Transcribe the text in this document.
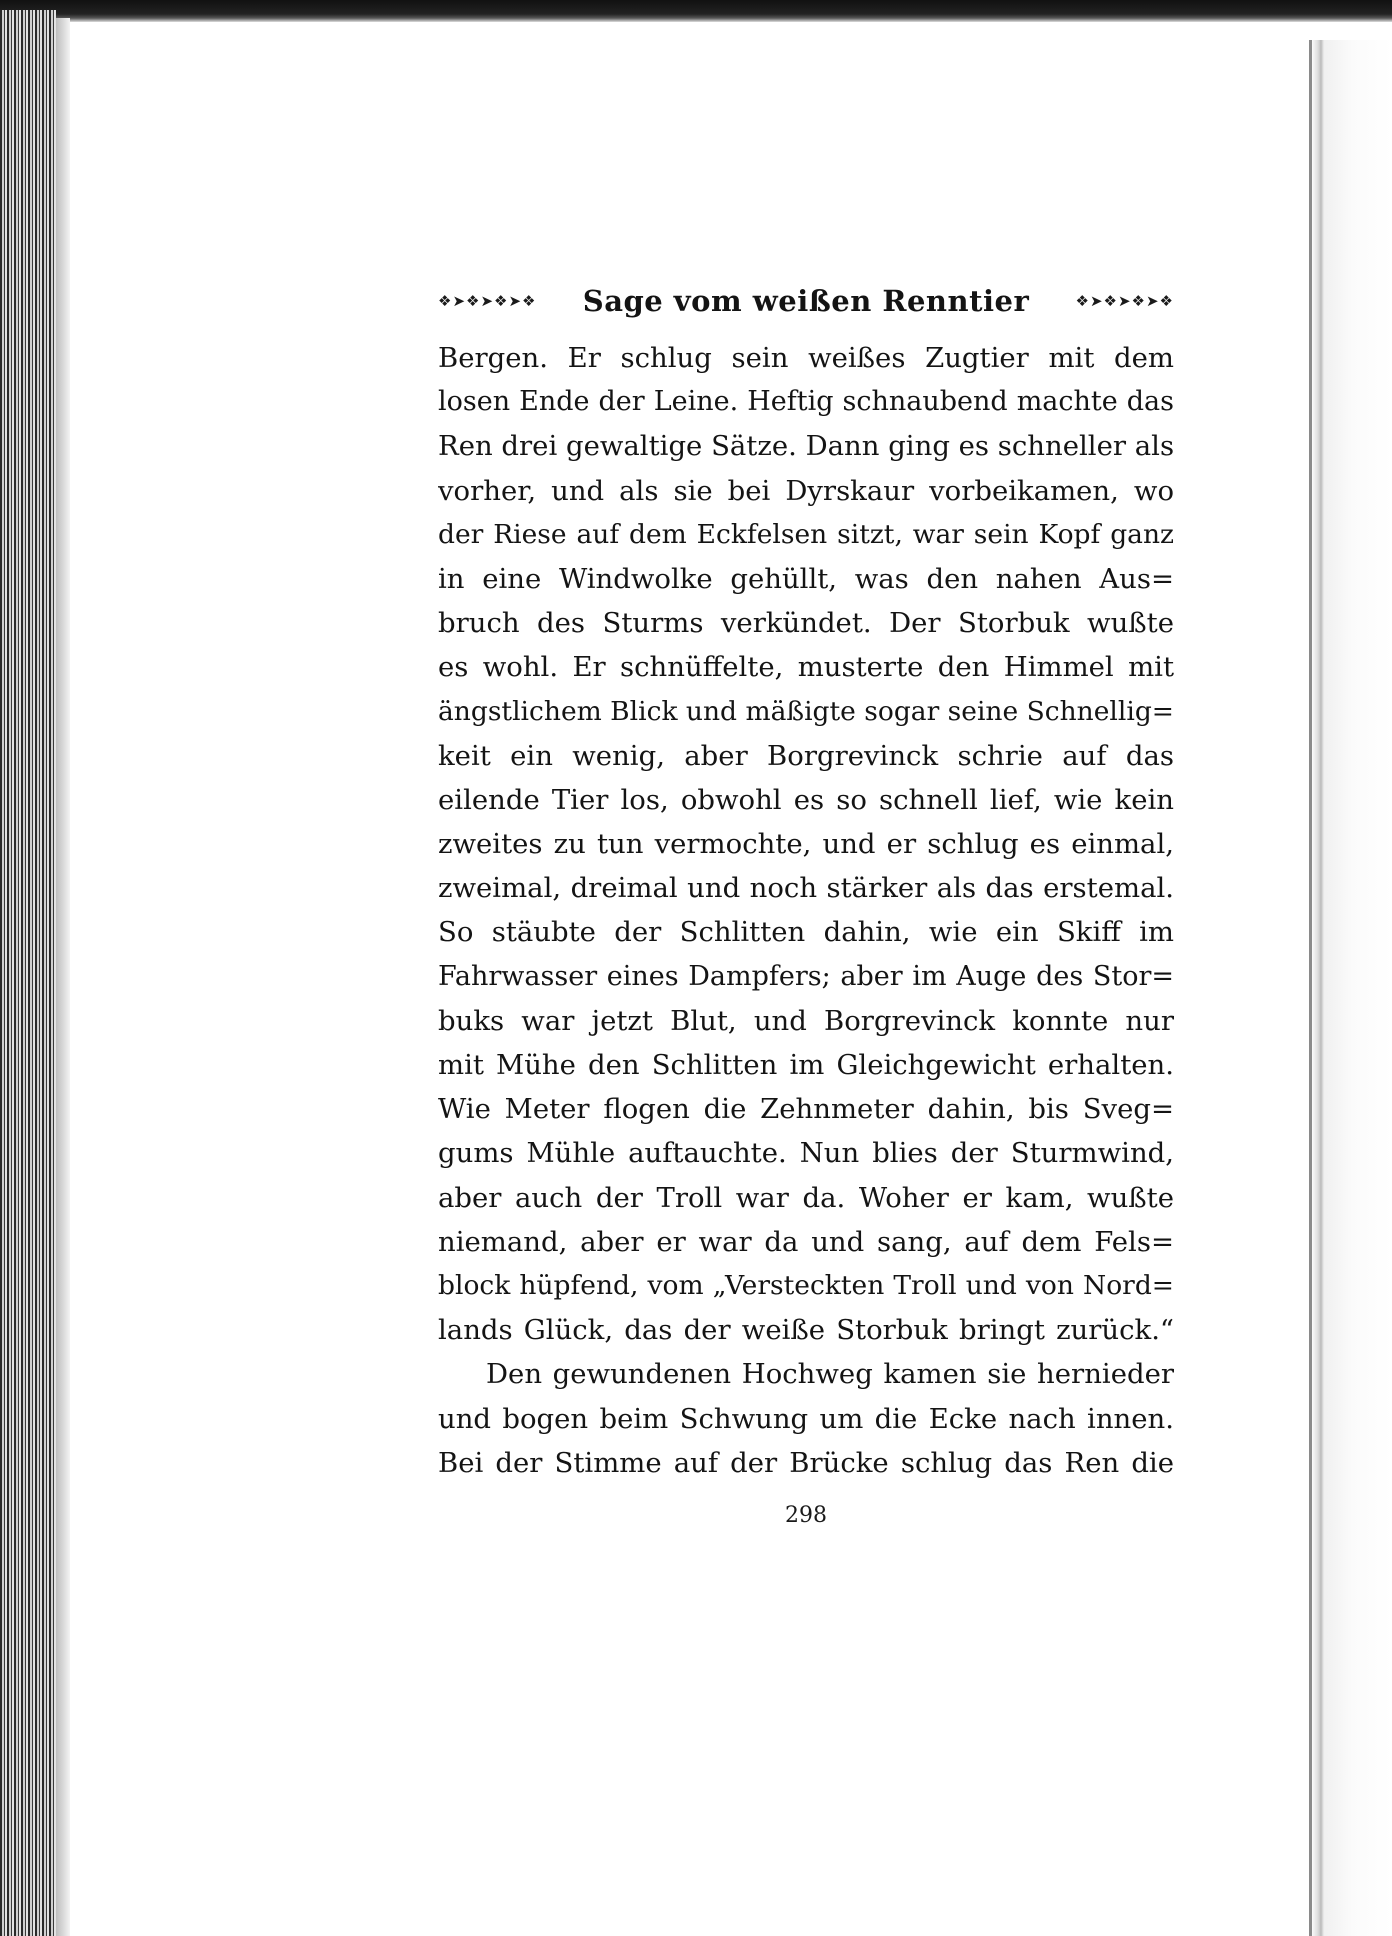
❖➤❖➤❖➤❖	Sage vom weißen Renntier	❖➤❖➤❖➤❖
Bergen. Er schlug sein weißes Zugtier mit dem
losen Ende der Leine. Heftig schnaubend machte das
Ren drei gewaltige Sätze. Dann ging es schneller als
vorher, und als sie bei Dyrskaur vorbeikamen, wo
der Riese auf dem Eckfelsen sitzt, war sein Kopf ganz
in eine Windwolke gehüllt, was den nahen Aus=
bruch des Sturms verkündet. Der Storbuk wußte
es wohl. Er schnüffelte, musterte den Himmel mit
ängstlichem Blick und mäßigte sogar seine Schnellig=
keit ein wenig, aber Borgrevinck schrie auf das
eilende Tier los, obwohl es so schnell lief, wie kein
zweites zu tun vermochte, und er schlug es einmal,
zweimal, dreimal und noch stärker als das erstemal.
So stäubte der Schlitten dahin, wie ein Skiff im
Fahrwasser eines Dampfers; aber im Auge des Stor=
buks war jetzt Blut, und Borgrevinck konnte nur
mit Mühe den Schlitten im Gleichgewicht erhalten.
Wie Meter flogen die Zehnmeter dahin, bis Sveg=
gums Mühle auftauchte. Nun blies der Sturmwind,
aber auch der Troll war da. Woher er kam, wußte
niemand, aber er war da und sang, auf dem Fels=
block hüpfend, vom „Versteckten Troll und von Nord=
lands Glück, das der weiße Storbuk bringt zurück.“
Den gewundenen Hochweg kamen sie hernieder
und bogen beim Schwung um die Ecke nach innen.
Bei der Stimme auf der Brücke schlug das Ren die
298
